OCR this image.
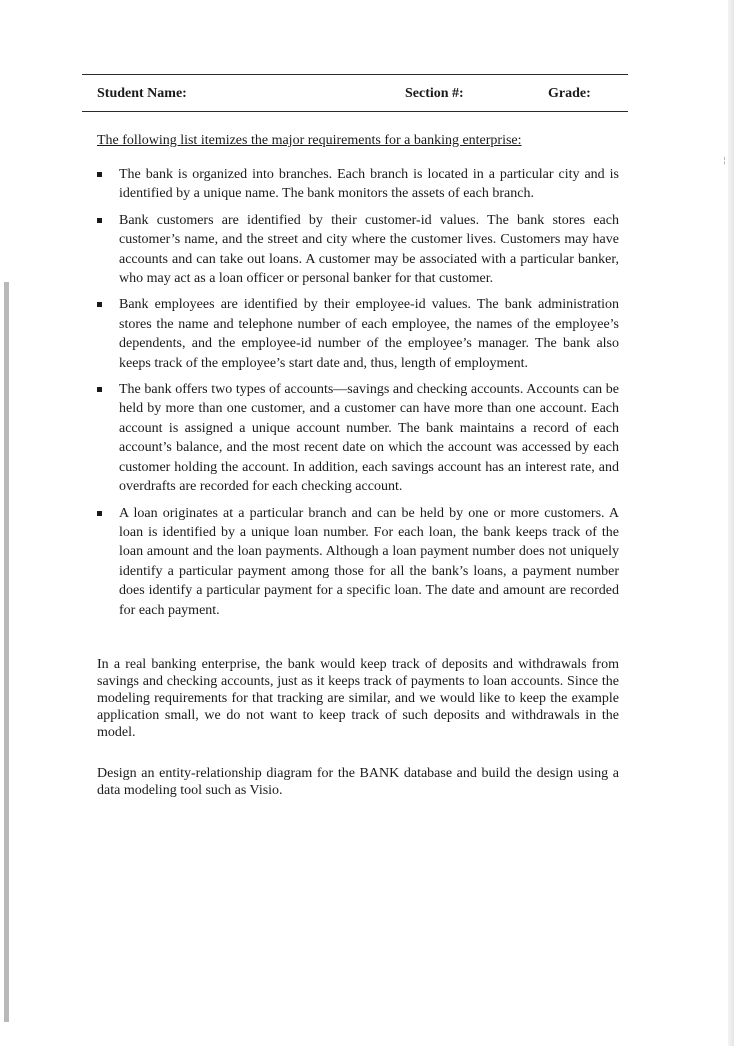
¦
Student Name:	Section #:	Grade:
The following list itemizes the major requirements for a banking enterprise:
The bank is organized into branches. Each branch is located in a particular city and is identified by a unique name. The bank monitors the assets of each branch.
Bank customers are identified by their customer-id values. The bank stores each customer’s name, and the street and city where the customer lives. Customers may have accounts and can take out loans. A customer may be associated with a particular banker, who may act as a loan officer or personal banker for that customer.
Bank employees are identified by their employee-id values. The bank administration stores the name and telephone number of each employee, the names of the employee’s dependents, and the employee-id number of the employee’s manager. The bank also keeps track of the employee’s start date and, thus, length of employment.
The bank offers two types of accounts—savings and checking accounts. Accounts can be held by more than one customer, and a customer can have more than one account. Each account is assigned a unique account number. The bank maintains a record of each account’s balance, and the most recent date on which the account was accessed by each customer holding the account. In addition, each savings account has an interest rate, and overdrafts are recorded for each checking account.
A loan originates at a particular branch and can be held by one or more customers. A loan is identified by a unique loan number. For each loan, the bank keeps track of the loan amount and the loan payments. Although a loan payment number does not uniquely identify a particular payment among those for all the bank’s loans, a payment number does identify a particular payment for a specific loan. The date and amount are recorded for each payment.

In a real banking enterprise, the bank would keep track of deposits and withdrawals from savings and checking accounts, just as it keeps track of payments to loan accounts. Since the modeling requirements for that tracking are similar, and we would like to keep the example application small, we do not want to keep track of such deposits and withdrawals in the model.

Design an entity-relationship diagram for the BANK database and build the design using a data modeling tool such as Visio.
